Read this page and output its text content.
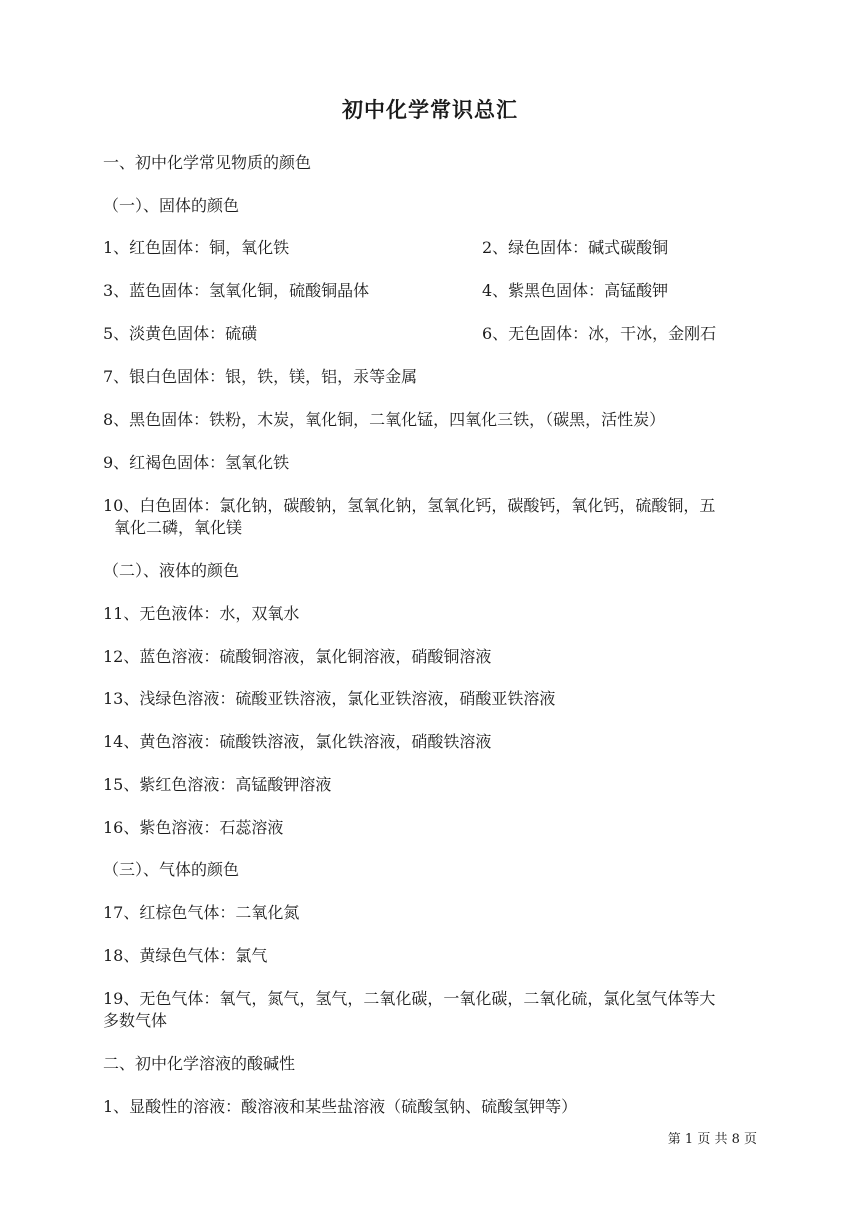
初中化学常识总汇
一、初中化学常见物质的颜色
（一）、固体的颜色
1、红色固体：铜，氧化铁	2、绿色固体：碱式碳酸铜
3、蓝色固体：氢氧化铜，硫酸铜晶体	4、紫黑色固体：高锰酸钾
5、淡黄色固体：硫磺	6、无色固体：冰，干冰，金刚石
7、银白色固体：银，铁，镁，铝，汞等金属
8、黑色固体：铁粉，木炭，氧化铜，二氧化锰，四氧化三铁，（碳黑，活性炭）
9、红褐色固体：氢氧化铁
10、白色固体：氯化钠，碳酸钠，氢氧化钠，氢氧化钙，碳酸钙，氧化钙，硫酸铜，五
氧化二磷，氧化镁
（二）、液体的颜色
11、无色液体：水，双氧水
12、蓝色溶液：硫酸铜溶液，氯化铜溶液，硝酸铜溶液
13、浅绿色溶液：硫酸亚铁溶液，氯化亚铁溶液，硝酸亚铁溶液
14、黄色溶液：硫酸铁溶液，氯化铁溶液，硝酸铁溶液
15、紫红色溶液：高锰酸钾溶液
16、紫色溶液：石蕊溶液
（三）、气体的颜色
17、红棕色气体：二氧化氮
18、黄绿色气体：氯气
19、无色气体：氧气，氮气，氢气，二氧化碳，一氧化碳，二氧化硫，氯化氢气体等大
多数气体
二、初中化学溶液的酸碱性
1、显酸性的溶液：酸溶液和某些盐溶液（硫酸氢钠、硫酸氢钾等）
第 1 页 共 8 页
